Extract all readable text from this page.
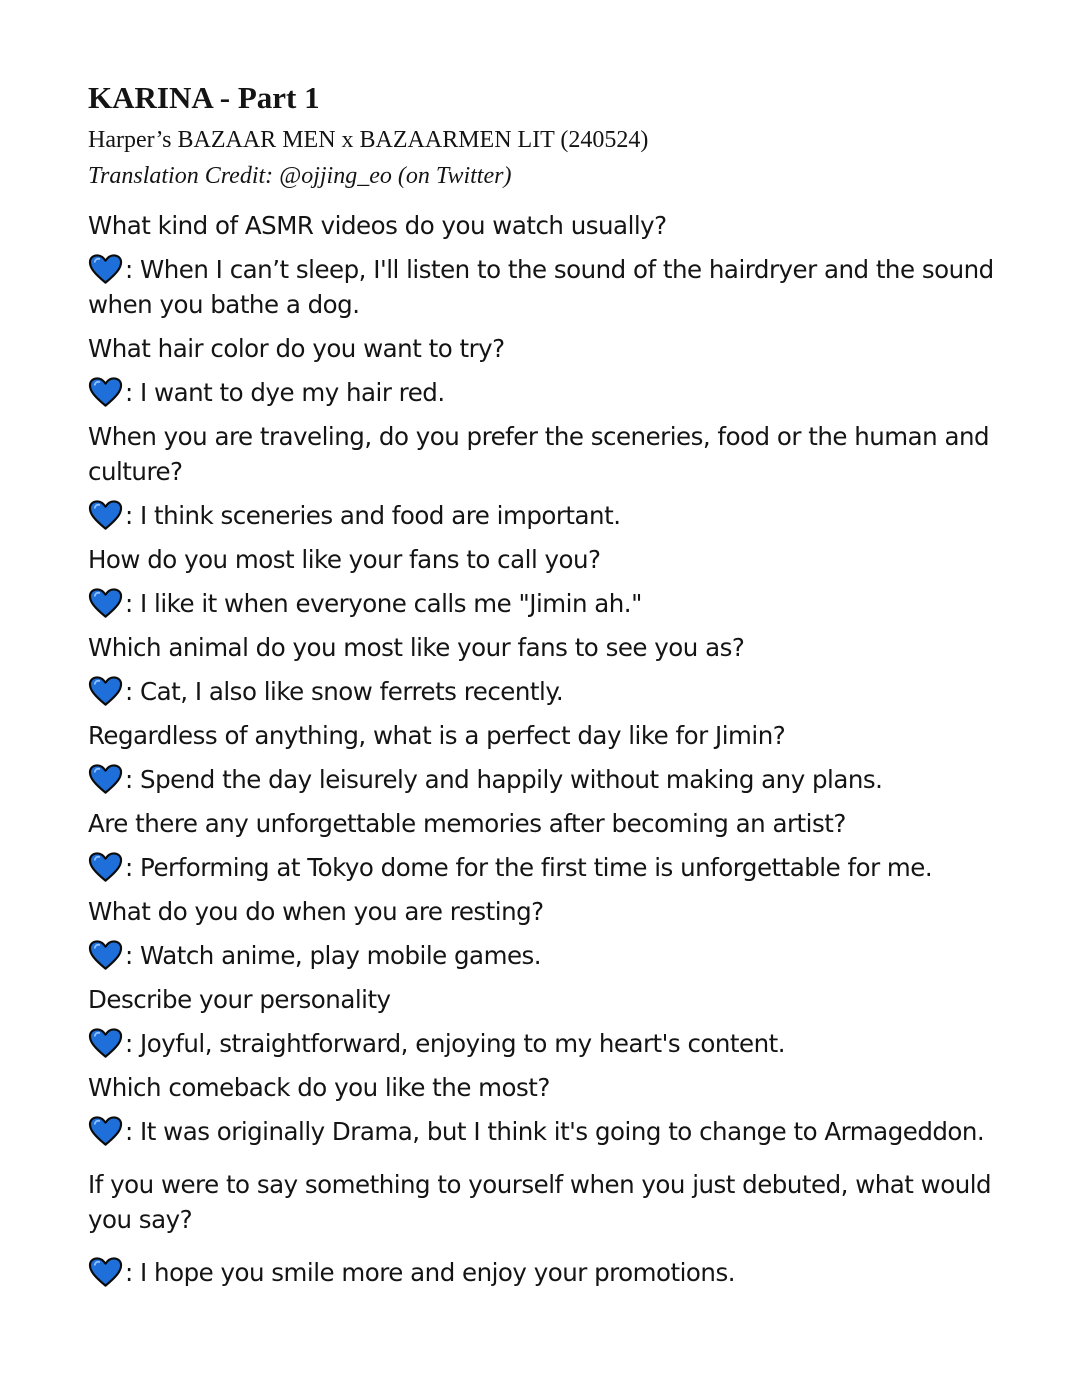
KARINA - Part 1
Harper’s BAZAAR MEN x BAZAARMEN LIT (240524)
Translation Credit: @ojjing_eo (on Twitter)
What kind of ASMR videos do you watch usually?
: When I can’t sleep, I'll listen to the sound of the hairdryer and the sound when you bathe a dog.
What hair color do you want to try?
: I want to dye my hair red.
When you are traveling, do you prefer the sceneries, food or the human and culture?
: I think sceneries and food are important.
How do you most like your fans to call you?
: I like it when everyone calls me "Jimin ah."
Which animal do you most like your fans to see you as?
: Cat, I also like snow ferrets recently.
Regardless of anything, what is a perfect day like for Jimin?
: Spend the day leisurely and happily without making any plans.
Are there any unforgettable memories after becoming an artist?
: Performing at Tokyo dome for the first time is unforgettable for me.
What do you do when you are resting?
: Watch anime, play mobile games.
Describe your personality
: Joyful, straightforward, enjoying to my heart's content.
Which comeback do you like the most?
: It was originally Drama, but I think it's going to change to Armageddon.
If you were to say something to yourself when you just debuted, what would you say?
: I hope you smile more and enjoy your promotions.
